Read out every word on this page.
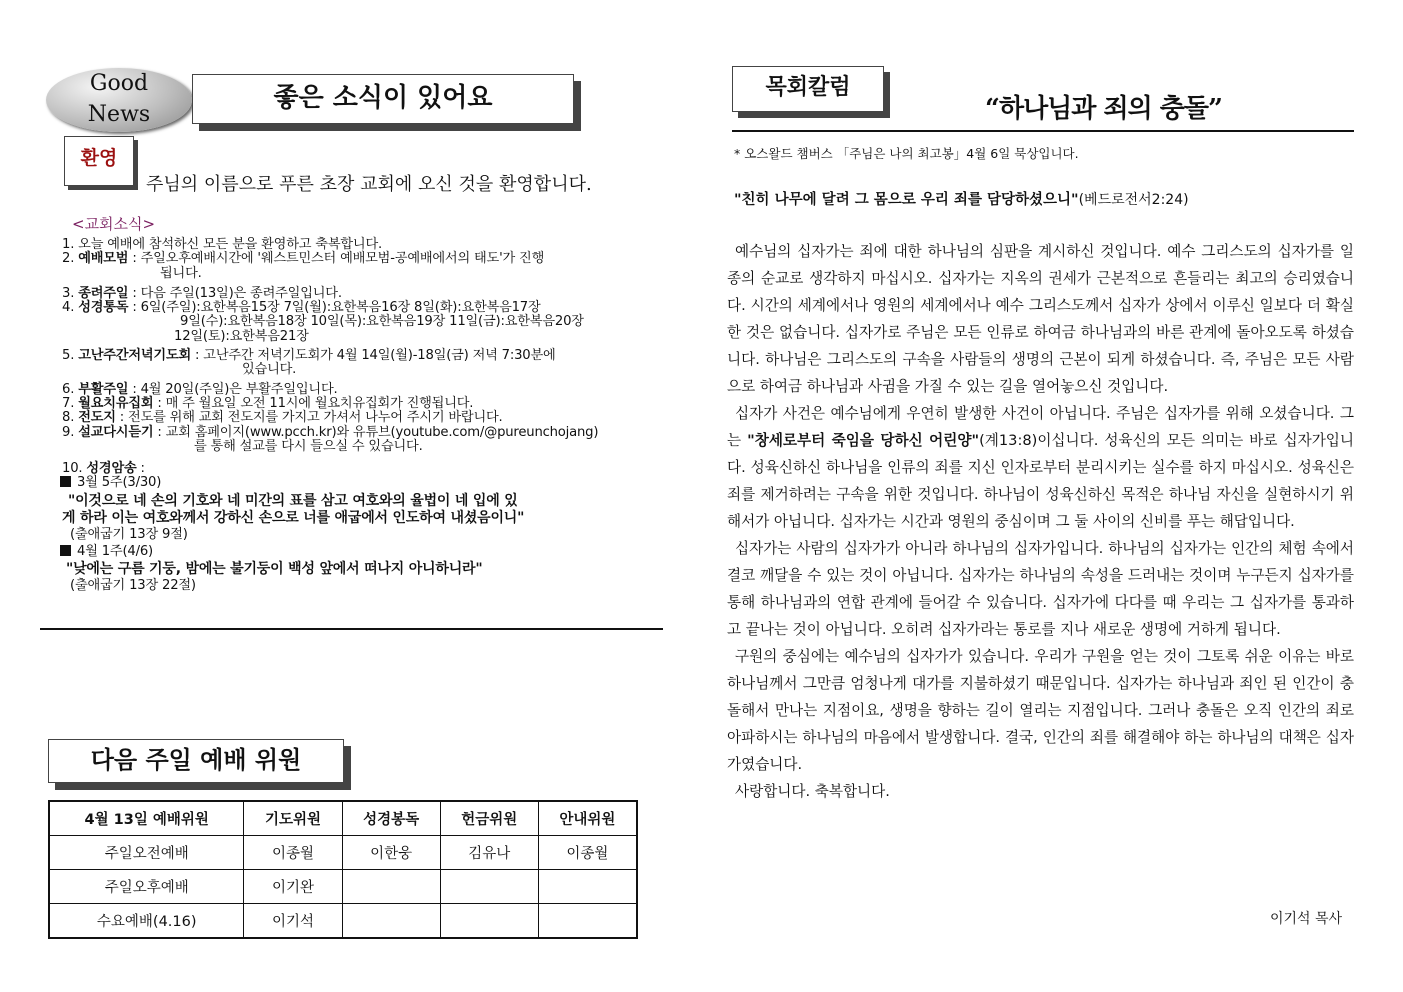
Good
News
좋은 소식이 있어요
환영
주님의 이름으로 푸른 초장 교회에 오신 것을 환영합니다.
<교회소식>
1. 오늘 예배에 참석하신 모든 분을 환영하고 축복합니다.
2. 예배모범 : 주일오후예배시간에 '웨스트민스터 예배모범-공예배에서의 태도'가 진행
됩니다.
3. 종려주일 : 다음 주일(13일)은 종려주일입니다.
4. 성경통독 : 6일(주일):요한복음15장 7일(월):요한복음16장 8일(화):요한복음17장
9일(수):요한복음18장 10일(목):요한복음19장 11일(금):요한복음20장
12일(토):요한복음21장
5. 고난주간저녁기도회 : 고난주간 저녁기도회가 4월 14일(월)-18일(금) 저녁 7:30분에
있습니다.
6. 부활주일 : 4월 20일(주일)은 부활주일입니다.
7. 월요치유집회 : 매 주 월요일 오전 11시에 월요치유집회가 진행됩니다.
8. 전도지 : 전도를 위해 교회 전도지를 가지고 가셔서 나누어 주시기 바랍니다.
9. 설교다시듣기 : 교회 홈페이지(www.pcch.kr)와 유튜브(youtube.com/@pureunchojang)
를 통해 설교를 다시 들으실 수 있습니다.
10. 성경암송 :
3월 5주(3/30)
"이것으로 네 손의 기호와 네 미간의 표를 삼고 여호와의 율법이 네 입에 있
게 하라 이는 여호와께서 강하신 손으로 너를 애굽에서 인도하여 내셨음이니"
(출애굽기 13장 9절)
4월 1주(4/6)
"낮에는 구름 기둥, 밤에는 불기둥이 백성 앞에서 떠나지 아니하니라"
(출애굽기 13장 22절)
다음 주일 예배 위원
4월 13일 예배위원	기도위원	성경봉독	헌금위원	안내위원
주일오전예배	이종월	이한웅	김유나	이종월
주일오후예배	이기완			
수요예배(4.16)	이기석			
목회칼럼
“하나님과 죄의 충돌”
* 오스왈드 챔버스 「주님은 나의 최고봉」4월 6일 묵상입니다.
"친히 나무에 달려 그 몸으로 우리 죄를 담당하셨으니"(베드로전서2:24)

예수님의 십자가는 죄에 대한 하나님의 심판을 계시하신 것입니다. 예수 그리스도의 십자가를 일종의 순교로 생각하지 마십시오. 십자가는 지옥의 권세가 근본적으로 흔들리는 최고의 승리였습니다. 시간의 세계에서나 영원의 세계에서나 예수 그리스도께서 십자가 상에서 이루신 일보다 더 확실한 것은 없습니다. 십자가로 주님은 모든 인류로 하여금 하나님과의 바른 관계에 돌아오도록 하셨습니다. 하나님은 그리스도의 구속을 사람들의 생명의 근본이 되게 하셨습니다. 즉, 주님은 모든 사람으로 하여금 하나님과 사귐을 가질 수 있는 길을 열어놓으신 것입니다.

십자가 사건은 예수님에게 우연히 발생한 사건이 아닙니다. 주님은 십자가를 위해 오셨습니다. 그는 "창세로부터 죽임을 당하신 어린양"(계13:8)이십니다. 성육신의 모든 의미는 바로 십자가입니다. 성육신하신 하나님을 인류의 죄를 지신 인자로부터 분리시키는 실수를 하지 마십시오. 성육신은 죄를 제거하려는 구속을 위한 것입니다. 하나님이 성육신하신 목적은 하나님 자신을 실현하시기 위해서가 아닙니다. 십자가는 시간과 영원의 중심이며 그 둘 사이의 신비를 푸는 해답입니다.

십자가는 사람의 십자가가 아니라 하나님의 십자가입니다. 하나님의 십자가는 인간의 체험 속에서 결코 깨달을 수 있는 것이 아닙니다. 십자가는 하나님의 속성을 드러내는 것이며 누구든지 십자가를 통해 하나님과의 연합 관계에 들어갈 수 있습니다. 십자가에 다다를 때 우리는 그 십자가를 통과하고 끝나는 것이 아닙니다. 오히려 십자가라는 통로를 지나 새로운 생명에 거하게 됩니다.

구원의 중심에는 예수님의 십자가가 있습니다. 우리가 구원을 얻는 것이 그토록 쉬운 이유는 바로 하나님께서 그만큼 엄청나게 대가를 지불하셨기 때문입니다. 십자가는 하나님과 죄인 된 인간이 충돌해서 만나는 지점이요, 생명을 향하는 길이 열리는 지점입니다. 그러나 충돌은 오직 인간의 죄로 아파하시는 하나님의 마음에서 발생합니다. 결국, 인간의 죄를 해결해야 하는 하나님의 대책은 십자가였습니다.

사랑합니다. 축복합니다.

이기석 목사
